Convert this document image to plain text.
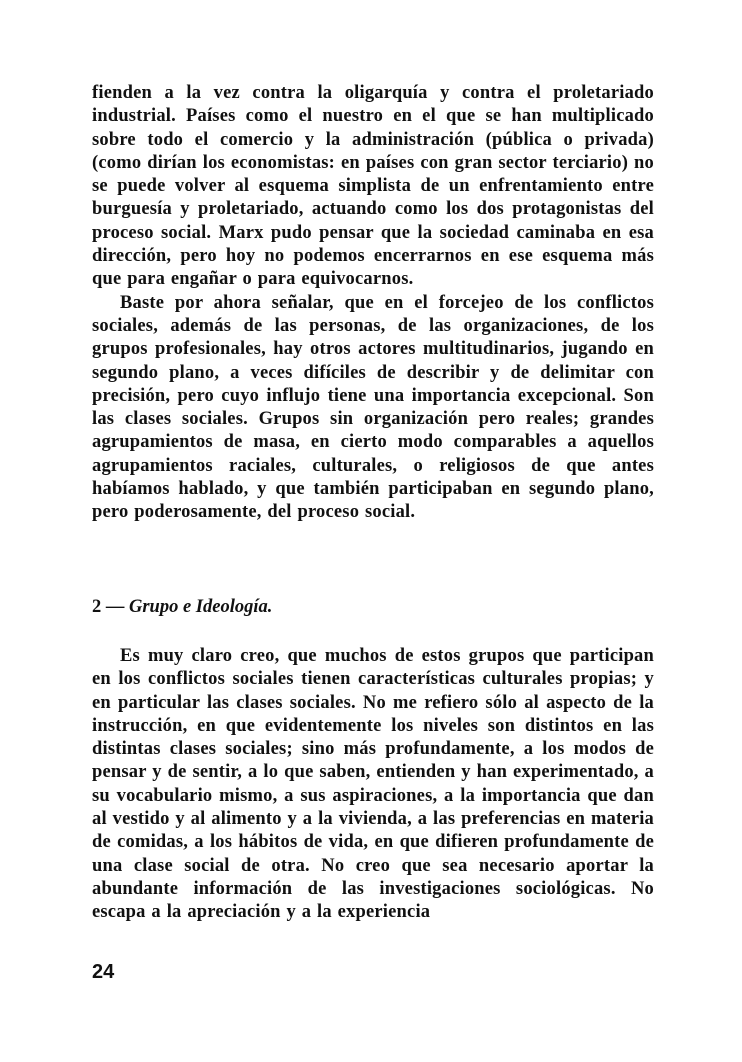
fienden a la vez contra la oligarquía y contra el proletariado industrial. Países como el nuestro en el que se han multiplicado sobre todo el comercio y la administración (pública o privada) (como dirían los economistas: en países con gran sector terciario) no se puede volver al esquema simplista de un enfrentamiento entre burguesía y proletariado, actuando como los dos protagonistas del proceso social. Marx pudo pensar que la sociedad caminaba en esa dirección, pero hoy no podemos encerrarnos en ese esquema más que para engañar o para equivocarnos.

Baste por ahora señalar, que en el forcejeo de los conflictos sociales, además de las personas, de las organizaciones, de los grupos profesionales, hay otros actores multitudinarios, jugando en segundo plano, a veces difíciles de describir y de delimitar con precisión, pero cuyo influjo tiene una importancia excepcional. Son las clases sociales. Grupos sin organización pero reales; grandes agrupamientos de masa, en cierto modo comparables a aquellos agrupamientos raciales, culturales, o religiosos de que antes habíamos hablado, y que también participaban en segundo plano, pero poderosamente, del proceso social.

2 — Grupo e Ideología.

Es muy claro creo, que muchos de estos grupos que participan en los conflictos sociales tienen características culturales propias; y en particular las clases sociales. No me refiero sólo al aspecto de la instrucción, en que evidentemente los niveles son distintos en las distintas clases sociales; sino más profundamente, a los modos de pensar y de sentir, a lo que saben, entienden y han experimentado, a su vocabulario mismo, a sus aspiraciones, a la importancia que dan al vestido y al alimento y a la vivienda, a las preferencias en materia de comidas, a los hábitos de vida, en que difieren profundamente de una clase social de otra. No creo que sea necesario aportar la abundante información de las investigaciones sociológicas. No escapa a la apreciación y a la experiencia

24
